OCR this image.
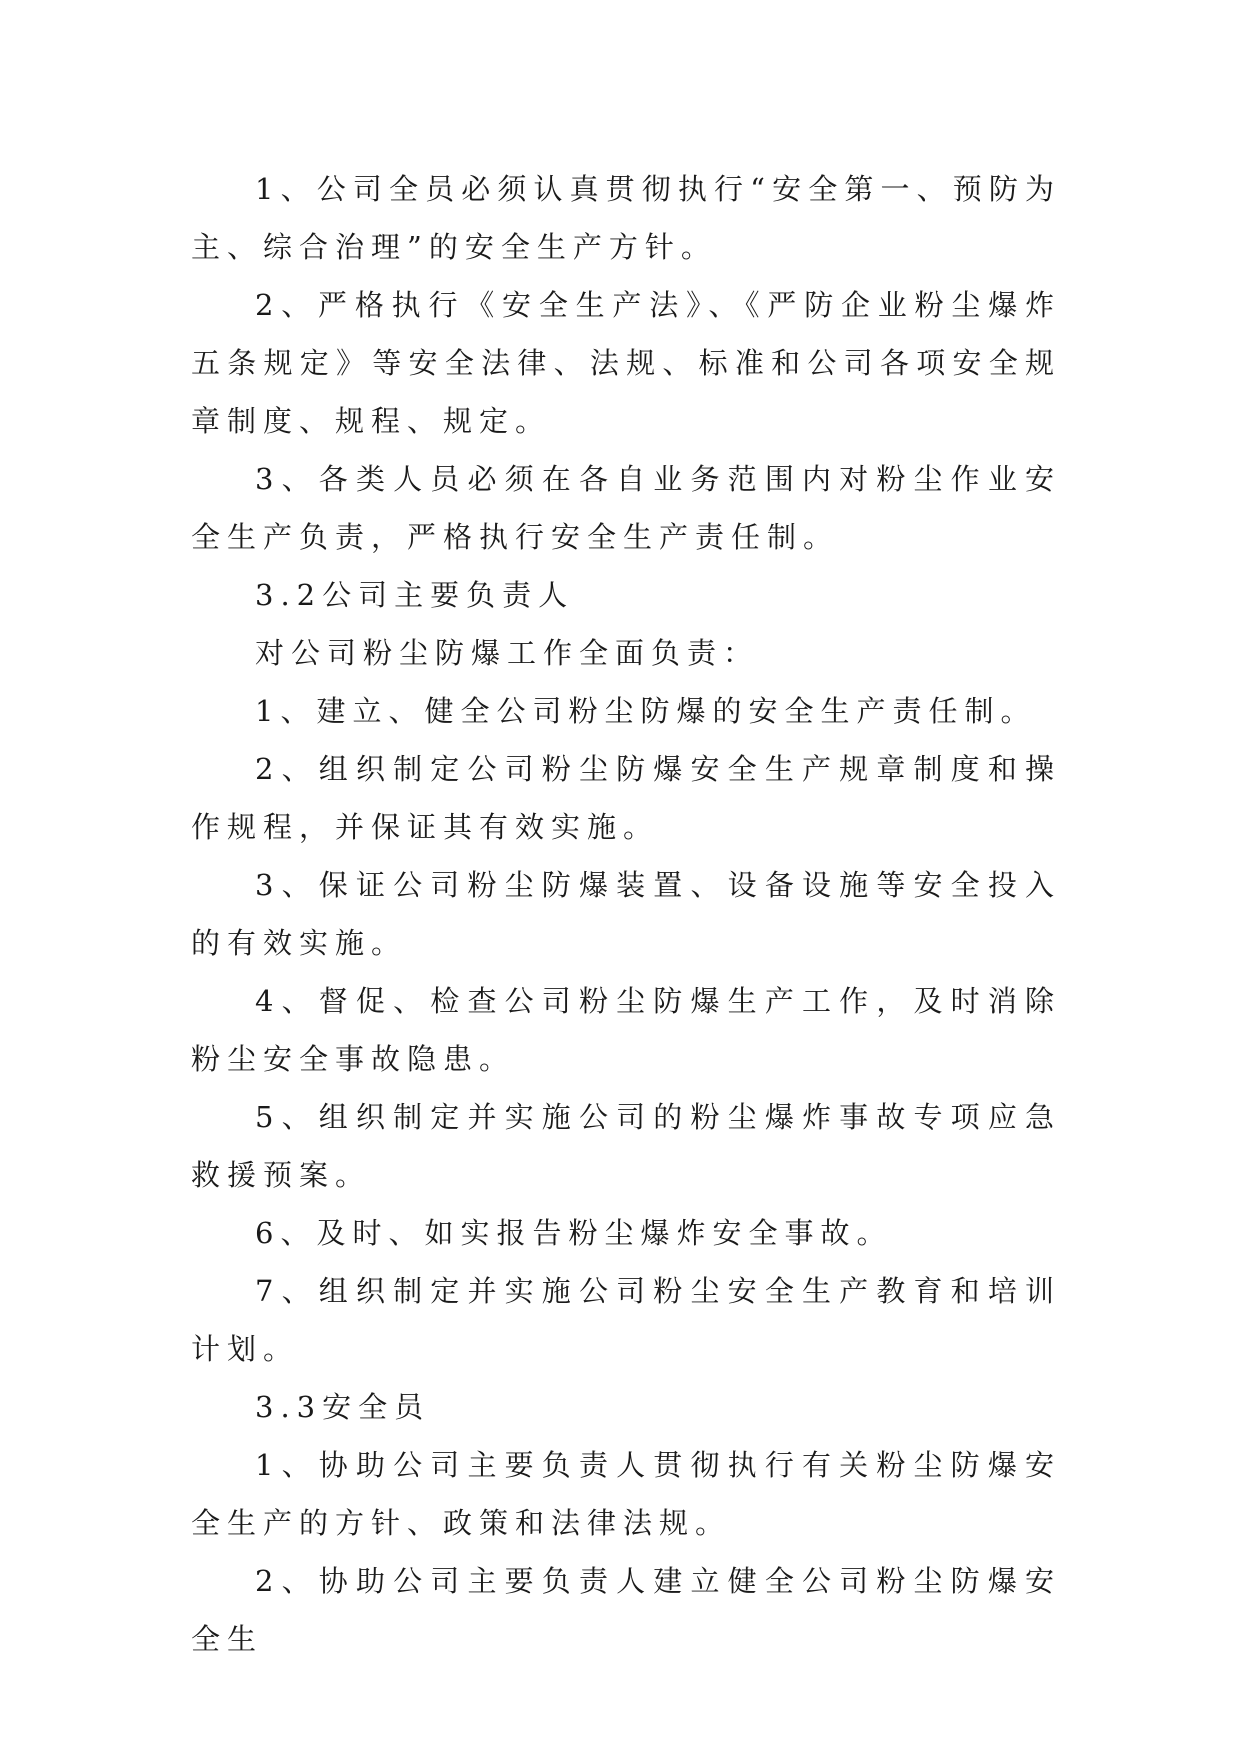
1、公司全员必须认真贯彻执行“安全第一、预防为主、综合治理”的安全生产方针。

2、严格执行《安全生产法》、《严防企业粉尘爆炸五条规定》等安全法律、法规、标准和公司各项安全规章制度、规程、规定。

3、各类人员必须在各自业务范围内对粉尘作业安全生产负责，严格执行安全生产责任制。

3.2公司主要负责人

对公司粉尘防爆工作全面负责：

1、建立、健全公司粉尘防爆的安全生产责任制。

2、组织制定公司粉尘防爆安全生产规章制度和操作规程，并保证其有效实施。

3、保证公司粉尘防爆装置、设备设施等安全投入的有效实施。

4、督促、检查公司粉尘防爆生产工作，及时消除粉尘安全事故隐患。

5、组织制定并实施公司的粉尘爆炸事故专项应急救援预案。

6、及时、如实报告粉尘爆炸安全事故。

7、组织制定并实施公司粉尘安全生产教育和培训计划。

3.3安全员

1、协助公司主要负责人贯彻执行有关粉尘防爆安全生产的方针、政策和法律法规。

2、协助公司主要负责人建立健全公司粉尘防爆安全生
